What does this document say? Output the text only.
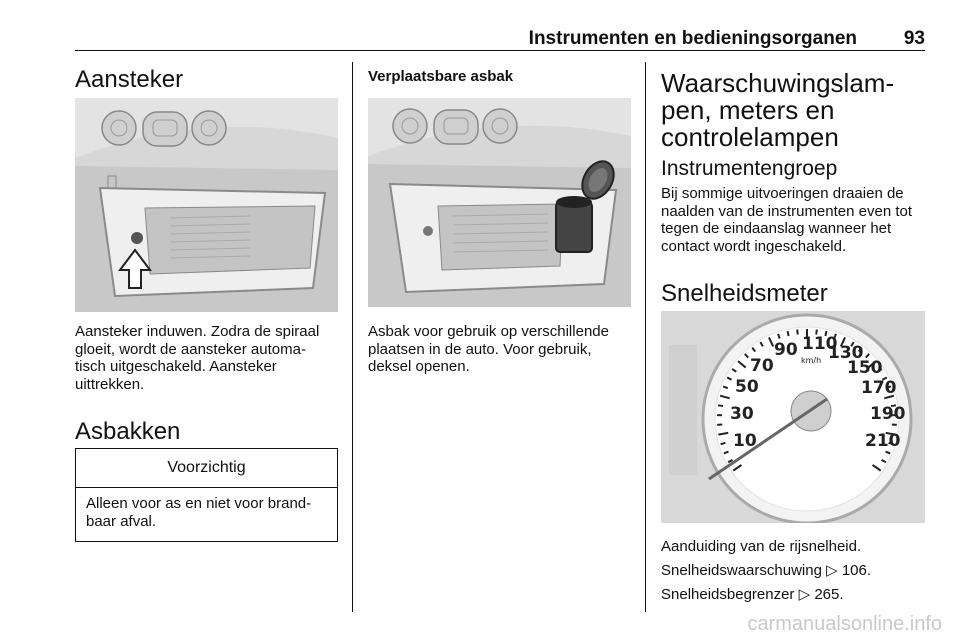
Instrumenten en bedieningsorganen 93
Aansteker

Aansteker induwen. Zodra de spiraal
gloeit, wordt de aansteker automa-
tisch uitgeschakeld. Aansteker
uittrekken.

Asbakken
Voorzichtig
Alleen voor as en niet voor brand-
baar afval.
Verplaatsbare asbak

Asbak voor gebruik op verschillende
plaatsen in de auto. Voor gebruik,
deksel openen.

Waarschuwingslam-
pen, meters en
controlelampen
Instrumentengroep

Bij sommige uitvoeringen draaien de
naalden van de instrumenten even tot
tegen de eindaanslag wanneer het
contact wordt ingeschakeld.

Snelheidsmeter
10
30
50
70
90 110
130
150
170
190
210
km/h

Aanduiding van de rijsnelheid.

Snelheidswaarschuwing ▷ 106.

Snelheidsbegrenzer ▷ 265.

carmanualsonline.info
